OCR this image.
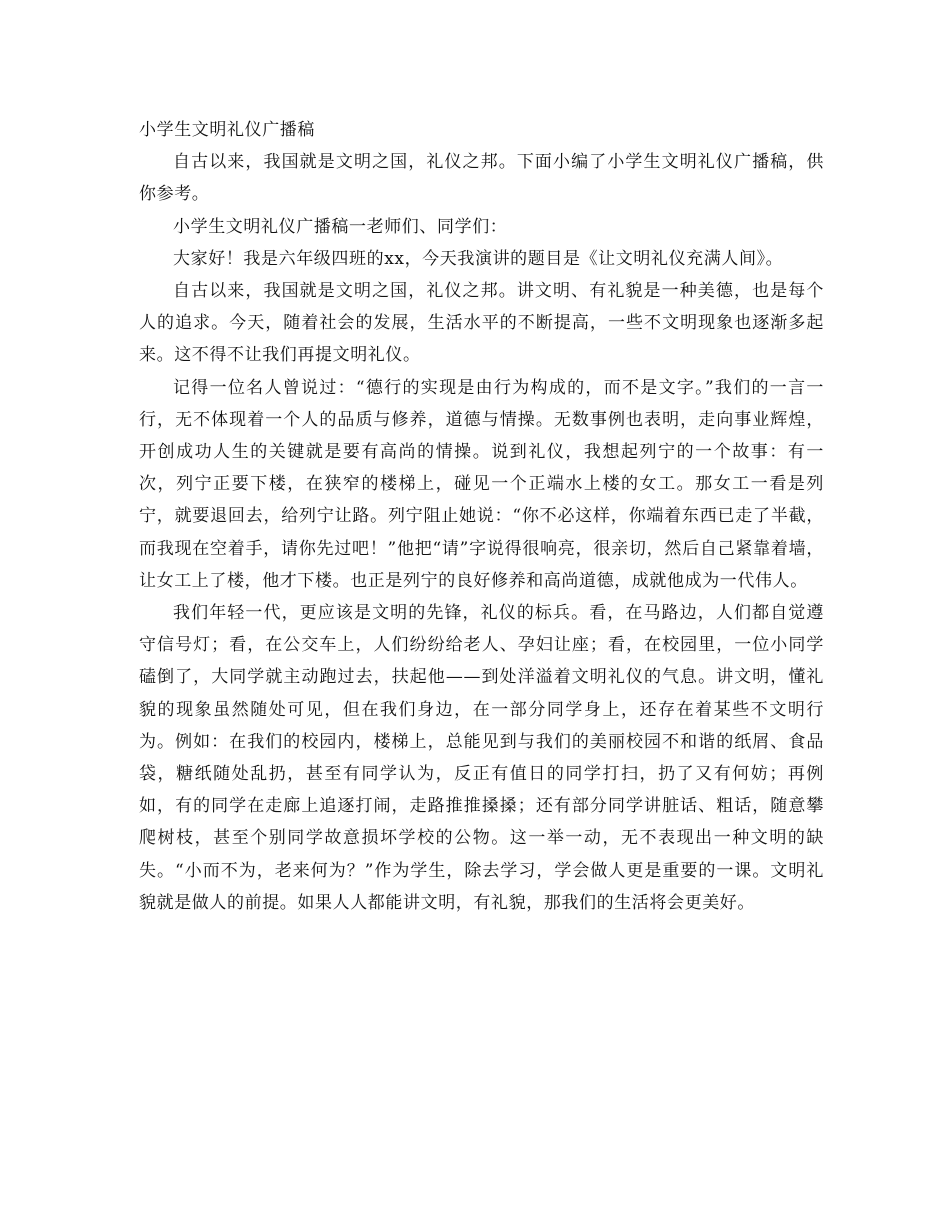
小学生文明礼仪广播稿

自古以来，我国就是文明之国，礼仪之邦。下面小编了小学生文明礼仪广播稿，供你参考。

小学生文明礼仪广播稿一老师们、同学们：

大家好！我是六年级四班的xx，今天我演讲的题目是《让文明礼仪充满人间》。

自古以来，我国就是文明之国，礼仪之邦。讲文明、有礼貌是一种美德，也是每个人的追求。今天，随着社会的发展，生活水平的不断提高，一些不文明现象也逐渐多起来。这不得不让我们再提文明礼仪。

记得一位名人曾说过：“德行的实现是由行为构成的，而不是文字。”我们的一言一行，无不体现着一个人的品质与修养，道德与情操。无数事例也表明，走向事业辉煌，开创成功人生的关键就是要有高尚的情操。说到礼仪，我想起列宁的一个故事：有一次，列宁正要下楼，在狭窄的楼梯上，碰见一个正端水上楼的女工。那女工一看是列宁，就要退回去，给列宁让路。列宁阻止她说：“你不必这样，你端着东西已走了半截，而我现在空着手，请你先过吧！”他把“请”字说得很响亮，很亲切，然后自己紧靠着墙，让女工上了楼，他才下楼。也正是列宁的良好修养和高尚道德，成就他成为一代伟人。

我们年轻一代，更应该是文明的先锋，礼仪的标兵。看，在马路边，人们都自觉遵守信号灯；看，在公交车上，人们纷纷给老人、孕妇让座；看，在校园里，一位小同学磕倒了，大同学就主动跑过去，扶起他——到处洋溢着文明礼仪的气息。讲文明，懂礼貌的现象虽然随处可见，但在我们身边，在一部分同学身上，还存在着某些不文明行为。例如：在我们的校园内，楼梯上，总能见到与我们的美丽校园不和谐的纸屑、食品袋，糖纸随处乱扔，甚至有同学认为，反正有值日的同学打扫，扔了又有何妨；再例如，有的同学在走廊上追逐打闹，走路推推搡搡；还有部分同学讲脏话、粗话，随意攀爬树枝，甚至个别同学故意损坏学校的公物。这一举一动，无不表现出一种文明的缺失。“小而不为，老来何为？”作为学生，除去学习，学会做人更是重要的一课。文明礼貌就是做人的前提。如果人人都能讲文明，有礼貌，那我们的生活将会更美好。
